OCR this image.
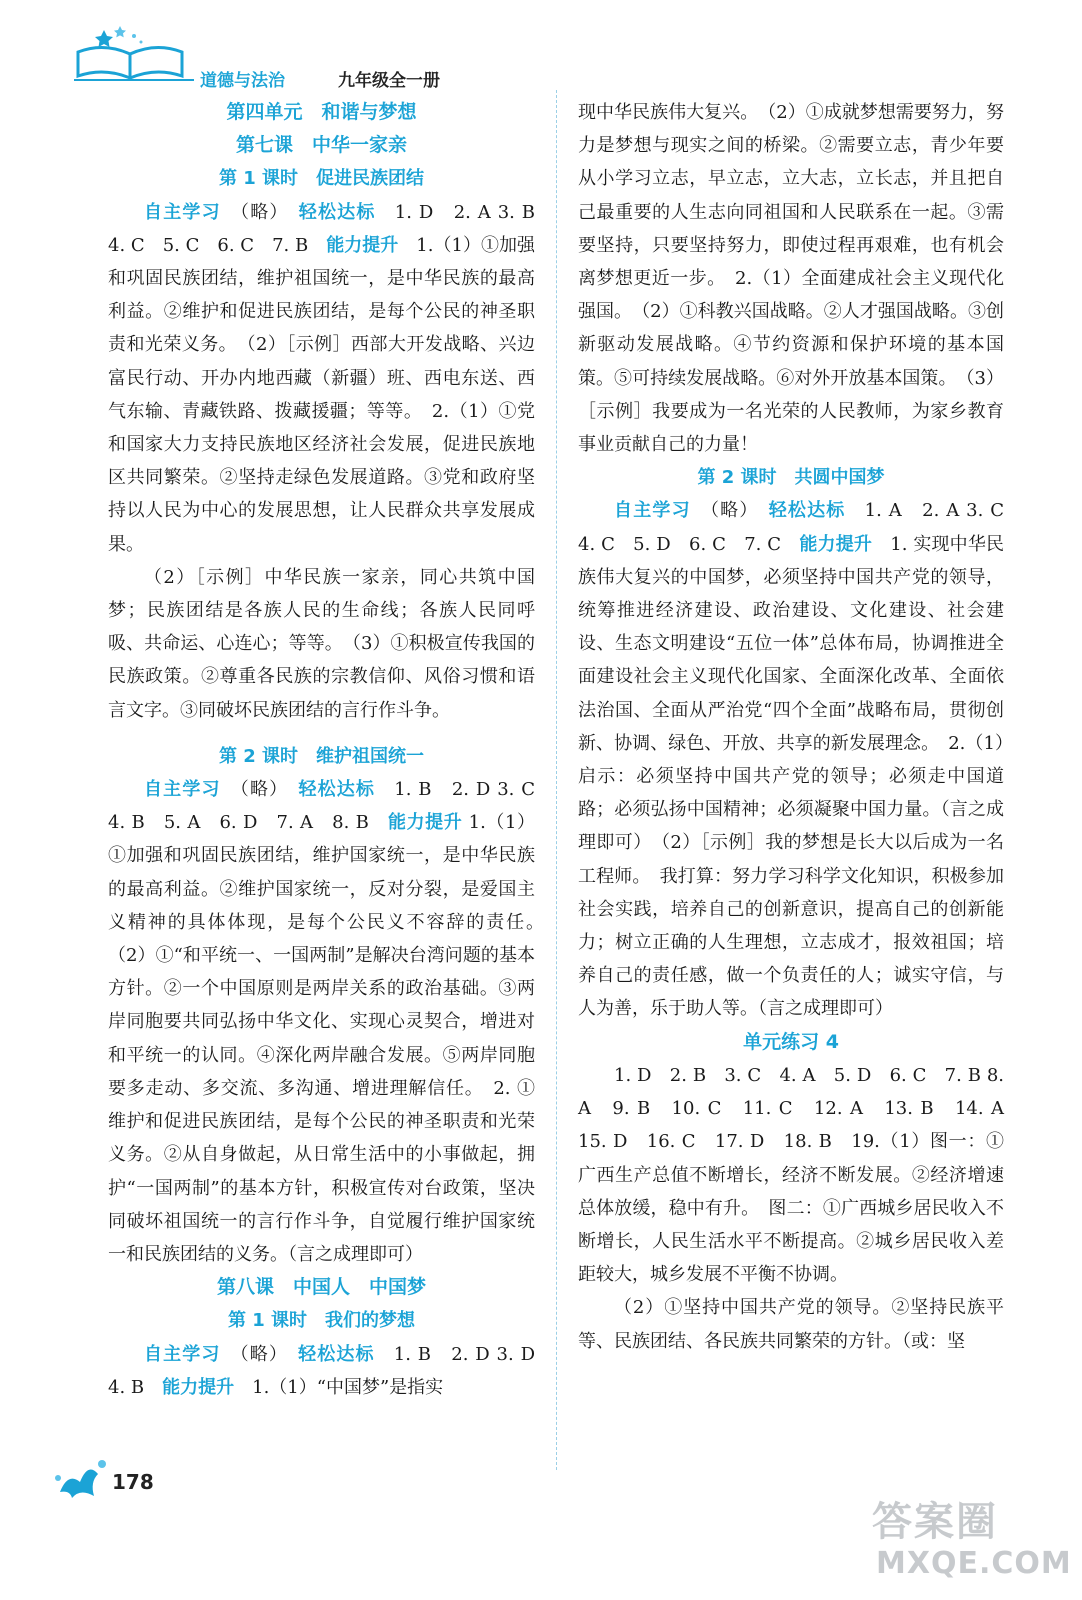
道德与法治	九年级全一册

第四单元　和谐与梦想

第七课　中华一家亲

第 1 课时　促进民族团结

自主学习　（略）　轻松达标　1. D　2. A 3. B　4. C　5. C　6. C　7. B　能力提升　1.（1）①加强和巩固民族团结，维护祖国统一，是中华民族的最高利益。②维护和促进民族团结，是每个公民的神圣职责和光荣义务。　（2）［示例］西部大开发战略、兴边富民行动、开办内地西藏（新疆）班、西电东送、西气东输、青藏铁路、拨藏援疆；等等。　2.（1）①党和国家大力支持民族地区经济社会发展，促进民族地区共同繁荣。②坚持走绿色发展道路。③党和政府坚持以人民为中心的发展思想，让人民群众共享发展成果。

（2）［示例］中华民族一家亲，同心共筑中国梦；民族团结是各族人民的生命线；各族人民同呼吸、共命运、心连心；等等。　（3）①积极宣传我国的民族政策。②尊重各民族的宗教信仰、风俗习惯和语言文字。③同破坏民族团结的言行作斗争。

第 2 课时　维护祖国统一

自主学习　（略）　轻松达标　1. B　2. D 3. C　4. B　5. A　6. D　7. A　8. B　能力提升 1.（1）①加强和巩固民族团结，维护国家统一，是中华民族的最高利益。②维护国家统一，反对分裂，是爱国主义精神的具体体现，是每个公民义不容辞的责任。　（2）①“和平统一、一国两制”是解决台湾问题的基本方针。②一个中国原则是两岸关系的政治基础。③两岸同胞要共同弘扬中华文化、实现心灵契合，增进对和平统一的认同。④深化两岸融合发展。⑤两岸同胞要多走动、多交流、多沟通、增进理解信任。　2. ①维护和促进民族团结，是每个公民的神圣职责和光荣义务。②从自身做起，从日常生活中的小事做起，拥护“一国两制”的基本方针，积极宣传对台政策，坚决同破坏祖国统一的言行作斗争，自觉履行维护国家统一和民族团结的义务。（言之成理即可）

第八课　中国人　中国梦

第 1 课时　我们的梦想

自主学习　（略）　轻松达标　1. B　2. D 3. D　4. B　能力提升　1.（1）“中国梦”是指实

现中华民族伟大复兴。　（2）①成就梦想需要努力，努力是梦想与现实之间的桥梁。②需要立志，青少年要从小学习立志，早立志，立大志，立长志，并且把自己最重要的人生志向同祖国和人民联系在一起。③需要坚持，只要坚持努力，即使过程再艰难，也有机会离梦想更近一步。　2.（1）全面建成社会主义现代化强国。　（2）①科教兴国战略。②人才强国战略。③创新驱动发展战略。④节约资源和保护环境的基本国策。⑤可持续发展战略。⑥对外开放基本国策。　（3）［示例］我要成为一名光荣的人民教师，为家乡教育事业贡献自己的力量！

第 2 课时　共圆中国梦

自主学习　（略）　轻松达标　1. A　2. A 3. C　4. C　5. D　6. C　7. C　能力提升　1. 实现中华民族伟大复兴的中国梦，必须坚持中国共产党的领导，统筹推进经济建设、政治建设、文化建设、社会建设、生态文明建设“五位一体”总体布局，协调推进全面建设社会主义现代化国家、全面深化改革、全面依法治国、全面从严治党“四个全面”战略布局，贯彻创新、协调、绿色、开放、共享的新发展理念。　2.（1）启示：必须坚持中国共产党的领导；必须走中国道路；必须弘扬中国精神；必须凝聚中国力量。（言之成理即可）　（2）［示例］我的梦想是长大以后成为一名工程师。　我打算：努力学习科学文化知识，积极参加社会实践，培养自己的创新意识，提高自己的创新能力；树立正确的人生理想，立志成才，报效祖国；培养自己的责任感，做一个负责任的人；诚实守信，与人为善，乐于助人等。（言之成理即可）

单元练习 4

1. D　2. B　3. C　4. A　5. D　6. C　7. B 8. A　9. B　10. C　11. C　12. A　13. B　14. A 15. D　16. C　17. D　18. B　19.（1）图一：①广西生产总值不断增长，经济不断发展。②经济增速总体放缓，稳中有升。　图二：①广西城乡居民收入不断增长，人民生活水平不断提高。②城乡居民收入差距较大，城乡发展不平衡不协调。

（2）①坚持中国共产党的领导。②坚持民族平等、民族团结、各民族共同繁荣的方针。（或：坚

178
答案圈
MXQE.COM
